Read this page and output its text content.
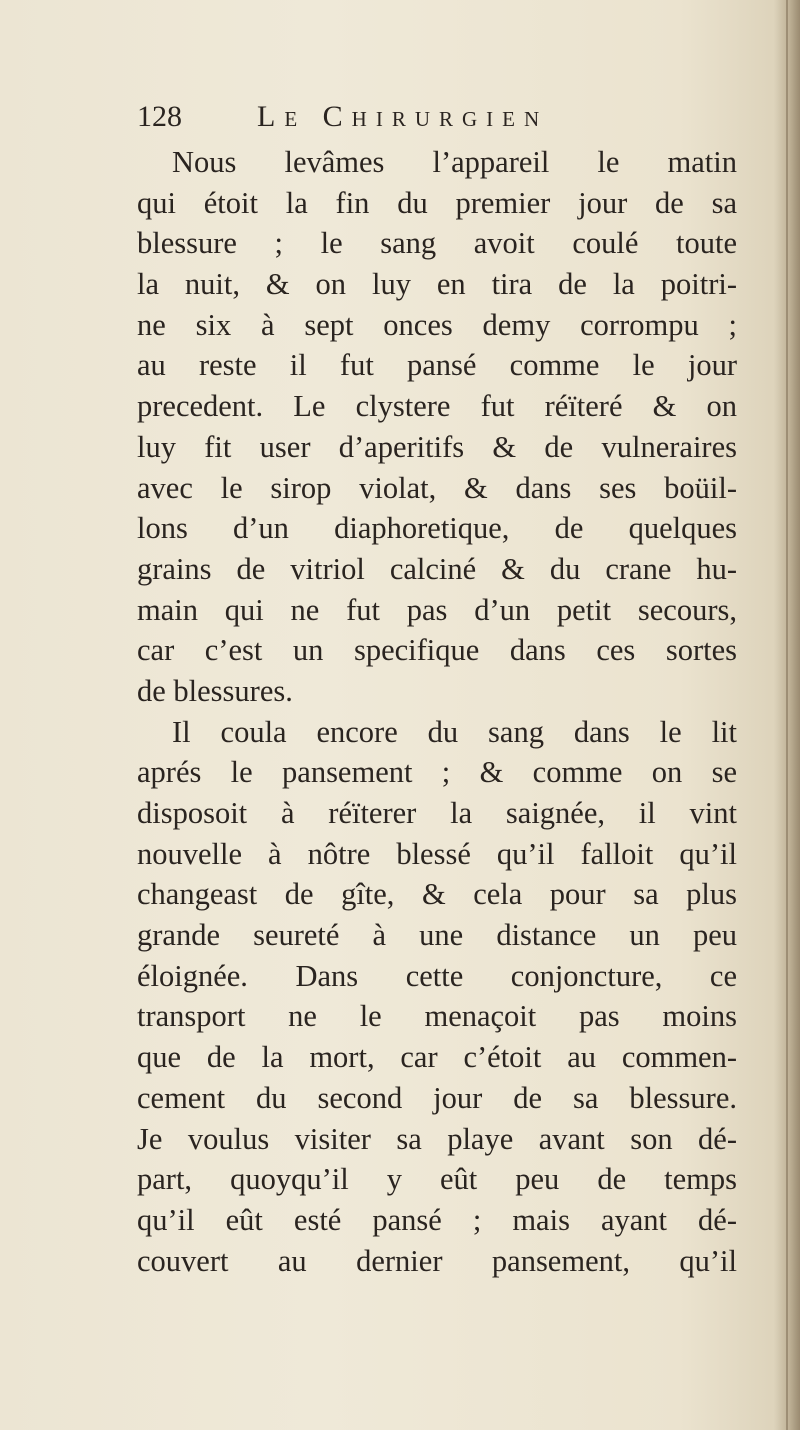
128	Le Chirurgien
Nous levâmes l’appareil le matin
qui étoit la fin du premier jour de sa
blessure ; le sang avoit coulé toute
la nuit, & on luy en tira de la poitri-
ne six à sept onces demy corrompu ;
au reste il fut pansé comme le jour
precedent. Le clystere fut réïteré & on
luy fit user d’aperitifs & de vulneraires
avec le sirop violat, & dans ses boüil-
lons d’un diaphoretique, de quelques
grains de vitriol calciné & du crane hu-
main qui ne fut pas d’un petit secours,
car c’est un specifique dans ces sortes
de blessures.
Il coula encore du sang dans le lit
aprés le pansement ; & comme on se
disposoit à réïterer la saignée, il vint
nouvelle à nôtre blessé qu’il falloit qu’il
changeast de gîte, & cela pour sa plus
grande seureté à une distance un peu
éloignée. Dans cette conjoncture, ce
transport ne le menaçoit pas moins
que de la mort, car c’étoit au commen-
cement du second jour de sa blessure.
Je voulus visiter sa playe avant son dé-
part, quoyqu’il y eût peu de temps
qu’il eût esté pansé ; mais ayant dé-
couvert au dernier pansement, qu’il
